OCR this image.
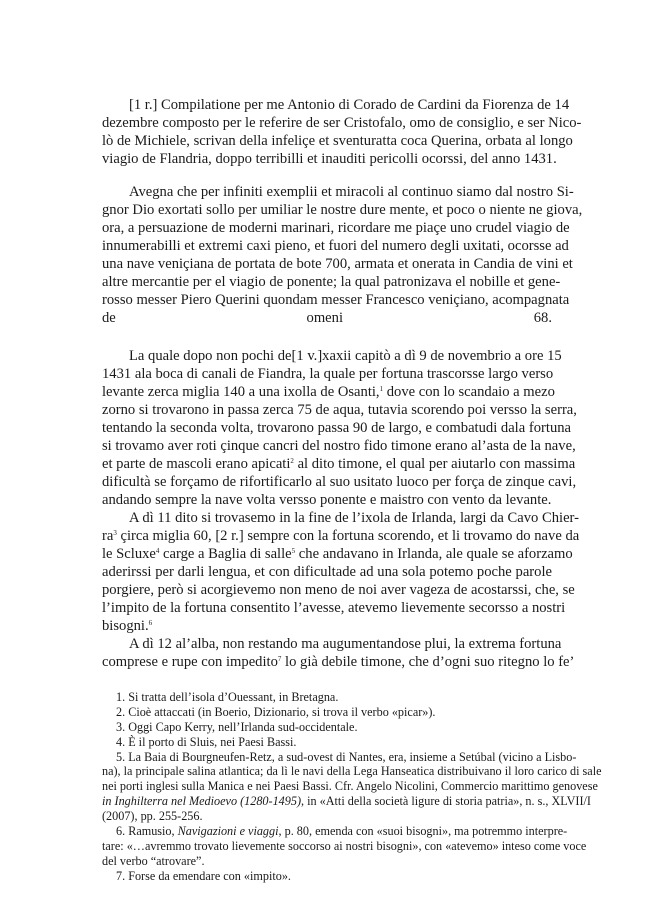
[1 r.] Compilatione per me Antonio di Corado de Cardini da Fiorenza de 14
dezembre composto per le referire de ser Cristofalo, omo de consiglio, e ser Nico-
lò de Michiele, scrivan della infeliçe et sventuratta coca Querina, orbata al longo
viagio de Flandria, doppo terribilli et inauditi pericolli ocorssi, del anno 1431.
Avegna che per infiniti exemplii et miracoli al continuo siamo dal nostro Si-
gnor Dio exortati sollo per umiliar le nostre dure mente, et poco o niente ne giova,
ora, a persuazione de moderni marinari, ricordare me piaçe uno crudel viagio de
innumerabilli et extremi caxi pieno, et fuori del numero degli uxitati, ocorsse ad
una nave veniçiana de portata de bote 700, armata et onerata in Candia de vini et
altre mercantie per el viagio de ponente; la qual patronizava el nobille et gene-
rosso messer Piero Querini quondam messer Francesco veniçiano, acompagnata
de omeni 68.
La quale dopo non pochi de[1 v.]xaxii capitò a dì 9 de novembrio a ore 15
1431 ala boca di canali de Fiandra, la quale per fortuna trascorsse largo verso
levante zerca miglia 140 a una ixolla de Osanti,$^1$ dove con lo scandaio a mezo
zorno si trovarono in passa zerca 75 de aqua, tutavia scorendo poi versso la serra,
tentando la seconda volta, trovarono passa 90 de largo, e combatudi dala fortuna
si trovamo aver roti çinque cancri del nostro fido timone erano al’asta de la nave,
et parte de mascoli erano apicati$^2$ al dito timone, el qual per aiutarlo con massima
dificultà se forçamo de rifortificarlo al suo usitato luoco per força de zinque cavi,
andando sempre la nave volta versso ponente e maistro con vento da levante.
A dì 11 dito si trovasemo in la fine de l’ixola de Irlanda, largi da Cavo Chier-
$ra^3$ çirca miglia 60, [2 r.] sempre con la fortuna scorendo, et li trovamo do nave da
le Scluxe$^4$ carge a Baglia di salle$^5$ che andavano in Irlanda, ale quale se aforzamo
aderirssi per darli lengua, et con dificultade ad una sola potemo poche parole
porgiere, però si acorgievemo non meno de noi aver vageza de acostarssi, che, se
l’impito de la fortuna consentito l’avesse, atevemo lievemente secorsso a nostri
bisogni.$^6$
A dì 12 al’alba, non restando ma augumentandose plui, la extrema fortuna
comprese e rupe con impedito$^7$ lo già debile timone, che d’ogni suo ritegno lo fe’
1. Si tratta dell’isola d’Ouessant, in Bretagna.
2. Cioè attaccati (in Boerio, Dizionario, si trova il verbo «picar»).
3. Oggi Capo Kerry, nell’Irlanda sud-occidentale.
4. È il porto di Sluis, nei Paesi Bassi.
5. La Baia di Bourgneufen-Retz, a sud-ovest di Nantes, era, insieme a Setúbal (vicino a Lisbo-
na), la principale salina atlantica; da lì le navi della Lega Hanseatica distribuivano il loro carico di sale
nei porti inglesi sulla Manica e nei Paesi Bassi. Cfr. Angelo Nicolini, Commercio marittimo genovese
in Inghilterra nel Medioevo (1280-1495), in «Atti della società ligure di storia patria», n. s., XLVII/I
(2007), pp. 255-256.
6. Ramusio, Navigazioni e viaggi, p. 80, emenda con «suoi bisogni», ma potremmo interpre-
tare: «…avremmo trovato lievemente soccorso ai nostri bisogni», con «atevemo» inteso come voce
del verbo “atrovare”.
7. Forse da emendare con «impito».
